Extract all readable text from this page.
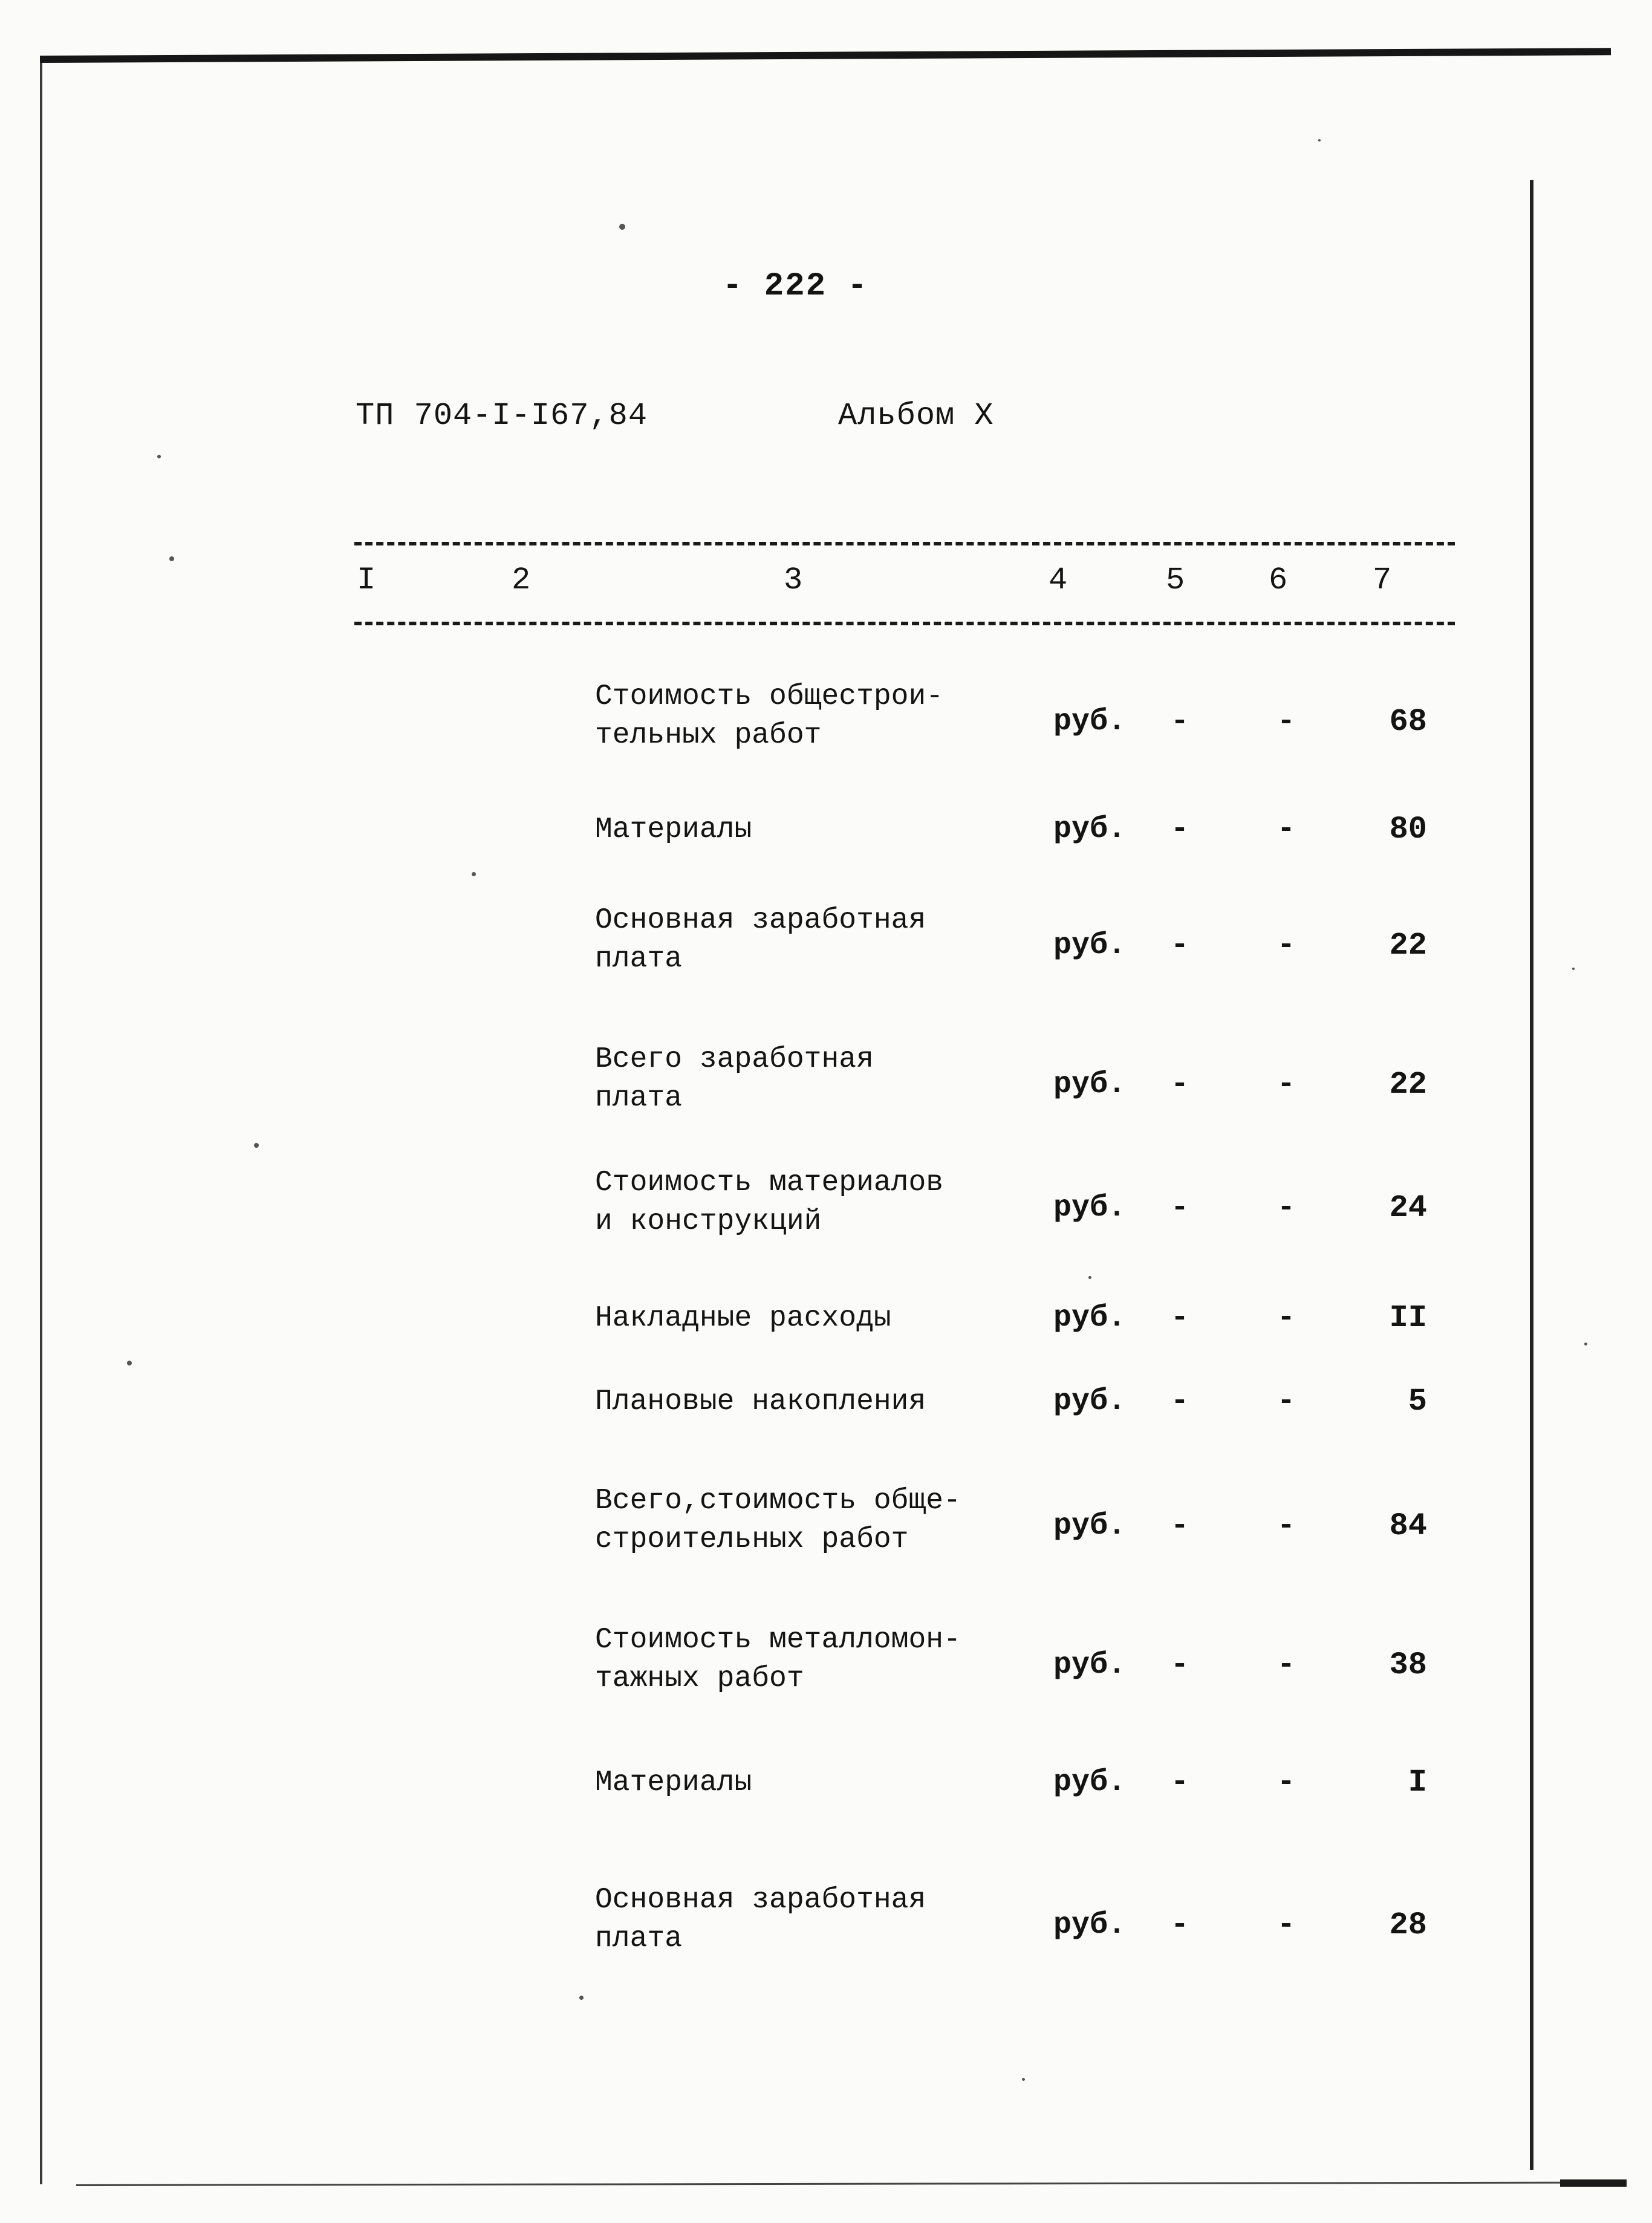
- 222 -
ТП 704-I-I67,84	Альбом X
I	2	3	4	5	6	7
Стоимость общестрои-
тельных работ	руб. -	-	68
Материалы	руб. -	-	80
Основная заработная
плата	руб. -	-	22
Всего заработная
плата	руб. -	-	22
Стоимость материалов
и конструкций	руб. -	-	24
Накладные расходы	руб. -	-	II
Плановые накопления	руб. -	-	5
Всего,стоимость обще-
строительных работ	руб. -	-	84
Стоимость металломон-
тажных работ	руб. -	-	38
Материалы	руб. -	-	I
Основная заработная
плата	руб. -	-	28
